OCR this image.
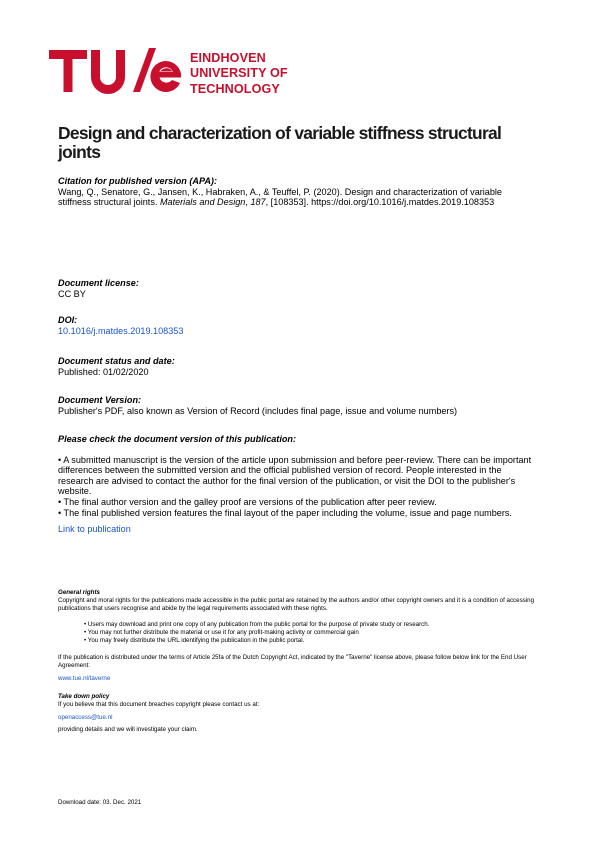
EINDHOVEN
UNIVERSITY OF
TECHNOLOGY
Design and characterization of variable stiffness structural joints
Citation for published version (APA):
Wang, Q., Senatore, G., Jansen, K., Habraken, A., & Teuffel, P. (2020). Design and characterization of variable
stiffness structural joints. Materials and Design, 187, [108353]. https://doi.org/10.1016/j.matdes.2019.108353
Document license:
CC BY
DOI:
10.1016/j.matdes.2019.108353
Document status and date:
Published: 01/02/2020
Document Version:
Publisher's PDF, also known as Version of Record (includes final page, issue and volume numbers)
Please check the document version of this publication:
• A submitted manuscript is the version of the article upon submission and before peer-review. There can be important differences between the submitted version and the official published version of record. People interested in the research are advised to contact the author for the final version of the publication, or visit the DOI to the publisher's website.
• The final author version and the galley proof are versions of the publication after peer review.
• The final published version features the final layout of the paper including the volume, issue and page numbers.
Link to publication
General rights
Copyright and moral rights for the publications made accessible in the public portal are retained by the authors and/or other copyright owners and it is a condition of accessing publications that users recognise and abide by the legal requirements associated with these rights.
• Users may download and print one copy of any publication from the public portal for the purpose of private study or research.
• You may not further distribute the material or use it for any profit-making activity or commercial gain
• You may freely distribute the URL identifying the publication in the public portal.
If the publication is distributed under the terms of Article 25fa of the Dutch Copyright Act, indicated by the "Taverne" license above, please follow below link for the End User Agreement:
www.tue.nl/taverne
Take down policy
If you believe that this document breaches copyright please contact us at:
openaccess@tue.nl
providing details and we will investigate your claim.
Download date: 03. Dec. 2021
